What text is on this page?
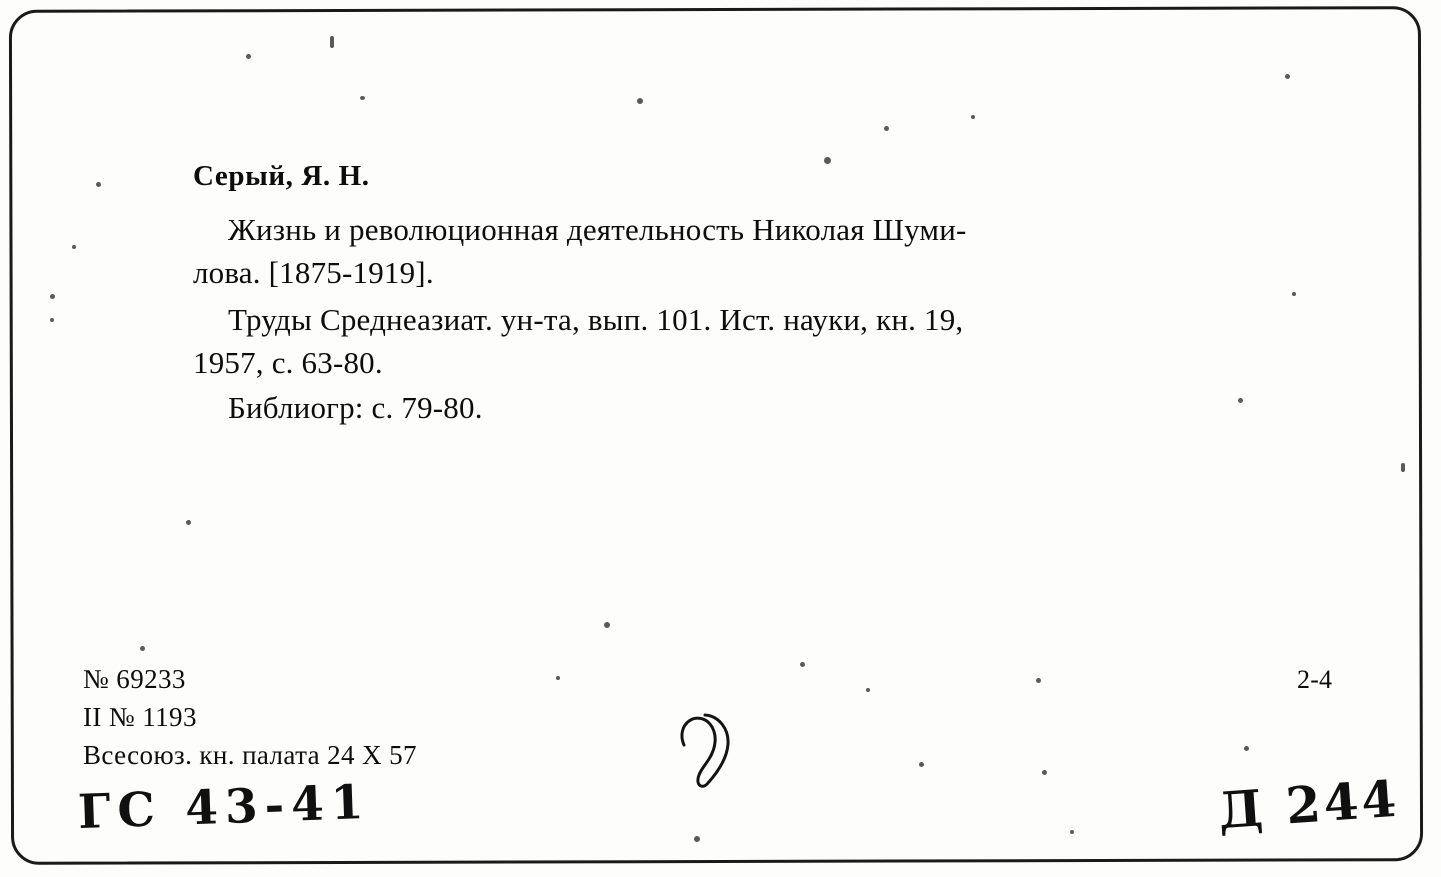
Серый, Я. Н.
Жизнь и революционная деятельность Николая Шуми-
лова. [1875-1919].
Труды Среднеазиат. ун-та, вып. 101. Ист. науки, кн. 19,
1957, с. 63-80.
Библиогр: с. 79-80.
№ 69233
II № 1193
Всесоюз. кн. палата 24 X 57
2-4
ГС 43-41	Д 244
